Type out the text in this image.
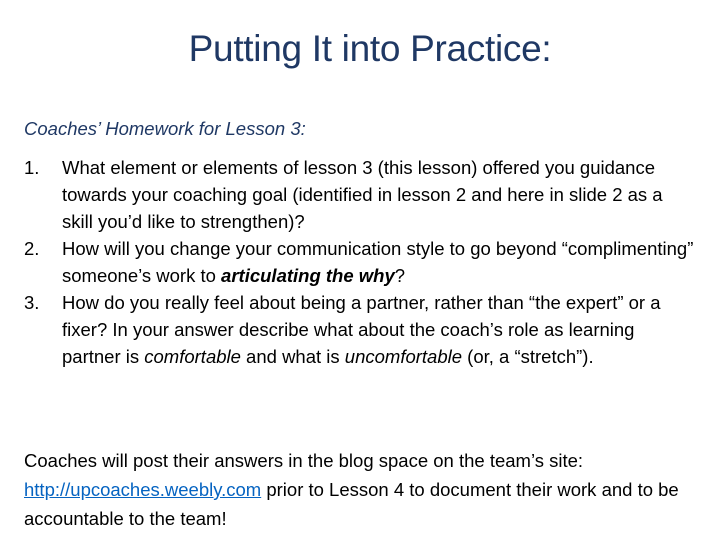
Putting It into Practice:
Coaches’ Homework for Lesson 3:
1. What element or elements of lesson 3 (this lesson) offered you guidance towards your coaching goal (identified in lesson 2 and here in slide 2 as a skill you’d like to strengthen)?
2. How will you change your communication style to go beyond “complimenting” someone’s work to articulating the why?
3. How do you really feel about being a partner, rather than “the expert” or a fixer? In your answer describe what about the coach’s role as learning partner is comfortable and what is uncomfortable (or, a “stretch”).
Coaches will post their answers in the blog space on the team’s site: http://upcoaches.weebly.com prior to Lesson 4 to document their work and to be accountable to the team!
